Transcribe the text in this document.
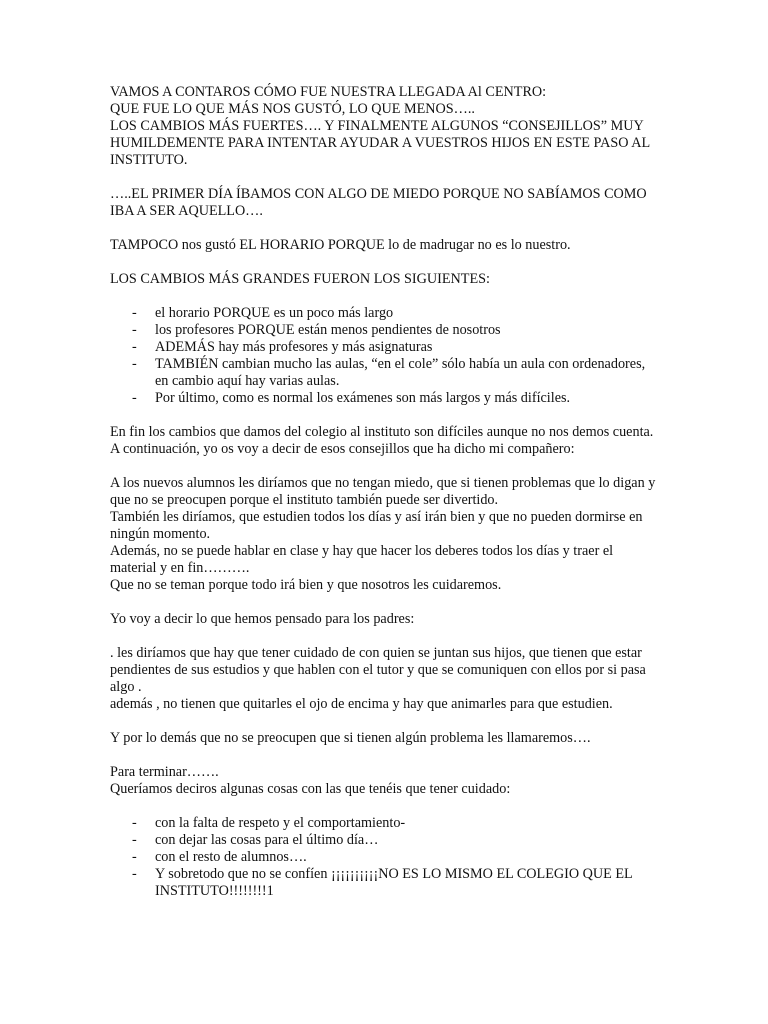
VAMOS A CONTAROS CÓMO FUE NUESTRA LLEGADA Al CENTRO:

QUE FUE LO QUE MÁS NOS GUSTÓ, LO QUE MENOS…..

LOS CAMBIOS MÁS FUERTES…. Y FINALMENTE ALGUNOS “CONSEJILLOS” MUY HUMILDEMENTE PARA INTENTAR AYUDAR A VUESTROS HIJOS EN ESTE PASO AL INSTITUTO.

…..EL PRIMER DÍA ÍBAMOS CON ALGO DE MIEDO PORQUE NO SABÍAMOS COMO IBA A SER AQUELLO….

TAMPOCO nos gustó EL HORARIO PORQUE lo de madrugar no es lo nuestro.

LOS CAMBIOS MÁS GRANDES FUERON LOS SIGUIENTES:

- el horario PORQUE es un poco más largo
- los profesores PORQUE están menos pendientes de nosotros
- ADEMÁS hay más profesores y más asignaturas
- TAMBIÉN cambian mucho las aulas, “en el cole” sólo había un aula con ordenadores, en cambio aquí hay varias aulas.
- Por último, como es normal los exámenes son más largos y más difíciles.

En fin los cambios que damos del colegio al instituto son difíciles aunque no nos demos cuenta.

A continuación, yo os voy a decir de esos consejillos que ha dicho mi compañero:

A los nuevos alumnos les diríamos que no tengan miedo, que si tienen problemas que lo digan y que no se preocupen porque el instituto también puede ser divertido.

También les diríamos, que estudien todos los días y así irán bien y que no pueden dormirse en ningún momento.

Además, no se puede hablar en clase y hay que hacer los deberes todos los días y traer el material y en fin……….

Que no se teman porque todo irá bien y que nosotros les cuidaremos.

Yo voy a decir lo que hemos pensado para los padres:

. les diríamos que hay que tener cuidado de con quien se juntan sus hijos, que tienen que estar pendientes de sus estudios y que hablen con el tutor y que se comuniquen con ellos por si pasa algo .

además , no tienen que quitarles el ojo de encima y hay que animarles para que estudien.

Y por lo demás que no se preocupen que si tienen algún problema les llamaremos….

Para terminar…….

Queríamos deciros algunas cosas con las que tenéis que tener cuidado:

- con la falta de respeto y el comportamiento-
- con dejar las cosas para el último día…
- con el resto de alumnos….
- Y sobretodo que no se confíen ¡¡¡¡¡¡¡¡¡¡NO ES LO MISMO EL COLEGIO QUE EL INSTITUTO!!!!!!!!1
